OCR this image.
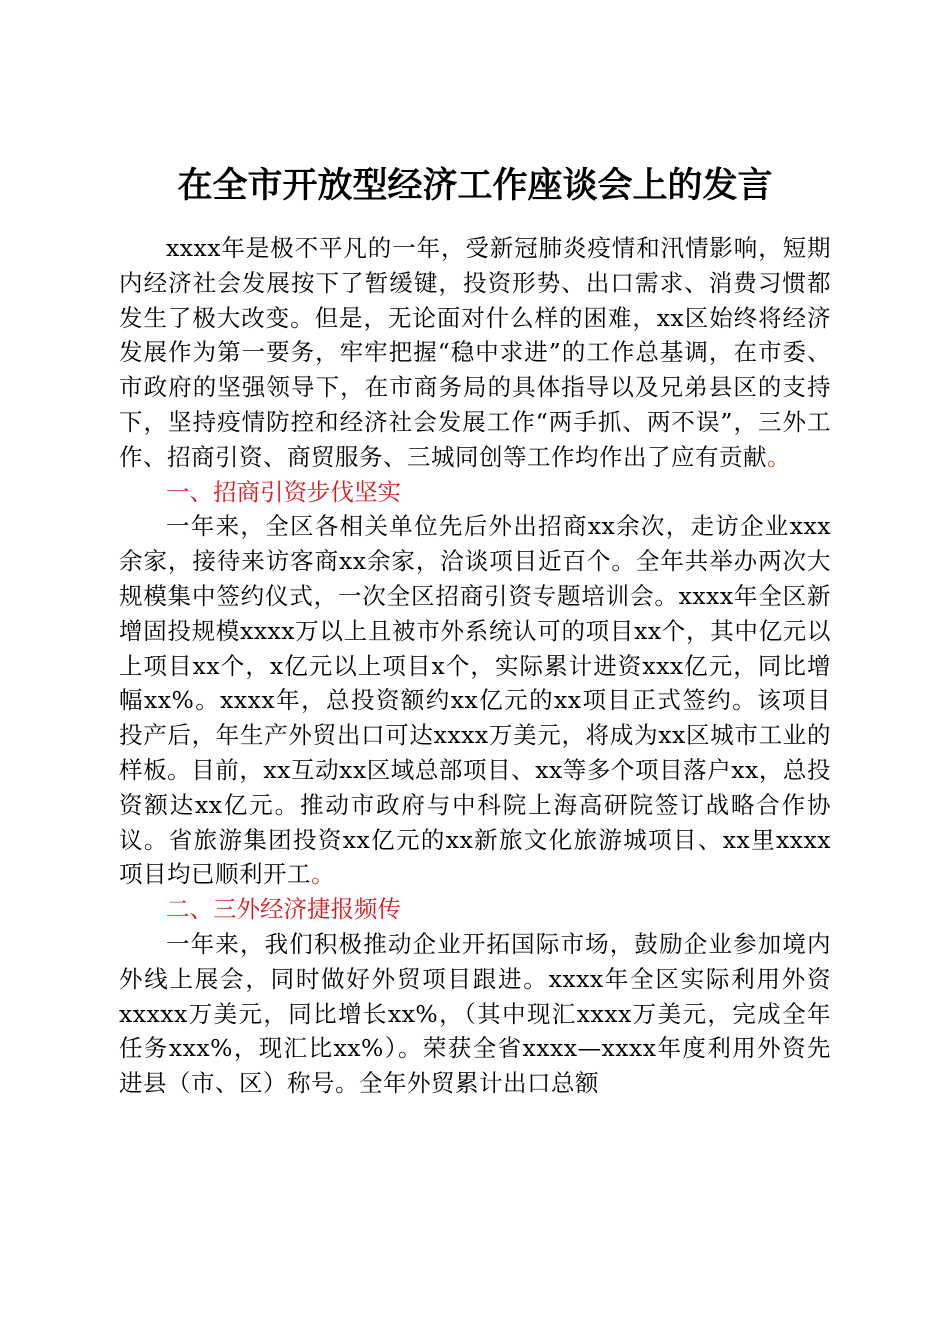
在全市开放型经济工作座谈会上的发言

xxxx年是极不平凡的一年，受新冠肺炎疫情和汛情影响，短期内经济社会发展按下了暂缓键，投资形势、出口需求、消费习惯都发生了极大改变。但是，无论面对什么样的困难，xx区始终将经济发展作为第一要务，牢牢把握“稳中求进”的工作总基调，在市委、市政府的坚强领导下，在市商务局的具体指导以及兄弟县区的支持下，坚持疫情防控和经济社会发展工作“两手抓、两不误”，三外工作、招商引资、商贸服务、三城同创等工作均作出了应有贡献。

一、招商引资步伐坚实

一年来，全区各相关单位先后外出招商xx余次，走访企业xxx余家，接待来访客商xx余家，洽谈项目近百个。全年共举办两次大规模集中签约仪式，一次全区招商引资专题培训会。xxxx年全区新增固投规模xxxx万以上且被市外系统认可的项目xx个，其中亿元以上项目xx个，x亿元以上项目x个，实际累计进资xxx亿元，同比增幅xx%。xxxx年，总投资额约xx亿元的xx项目正式签约。该项目投产后，年生产外贸出口可达xxxx万美元，将成为xx区城市工业的样板。目前，xx互动xx区域总部项目、xx等多个项目落户xx，总投资额达xx亿元。推动市政府与中科院上海高研院签订战略合作协议。省旅游集团投资xx亿元的xx新旅文化旅游城项目、xx里xxxx项目均已顺利开工。

二、三外经济捷报频传

一年来，我们积极推动企业开拓国际市场，鼓励企业参加境内外线上展会，同时做好外贸项目跟进。xxxx年全区实际利用外资xxxxx万美元，同比增长xx%，（其中现汇xxxx万美元，完成全年任务xxx%，现汇比xx%）。荣获全省xxxx—xxxx年度利用外资先进县（市、区）称号。全年外贸累计出口总额
